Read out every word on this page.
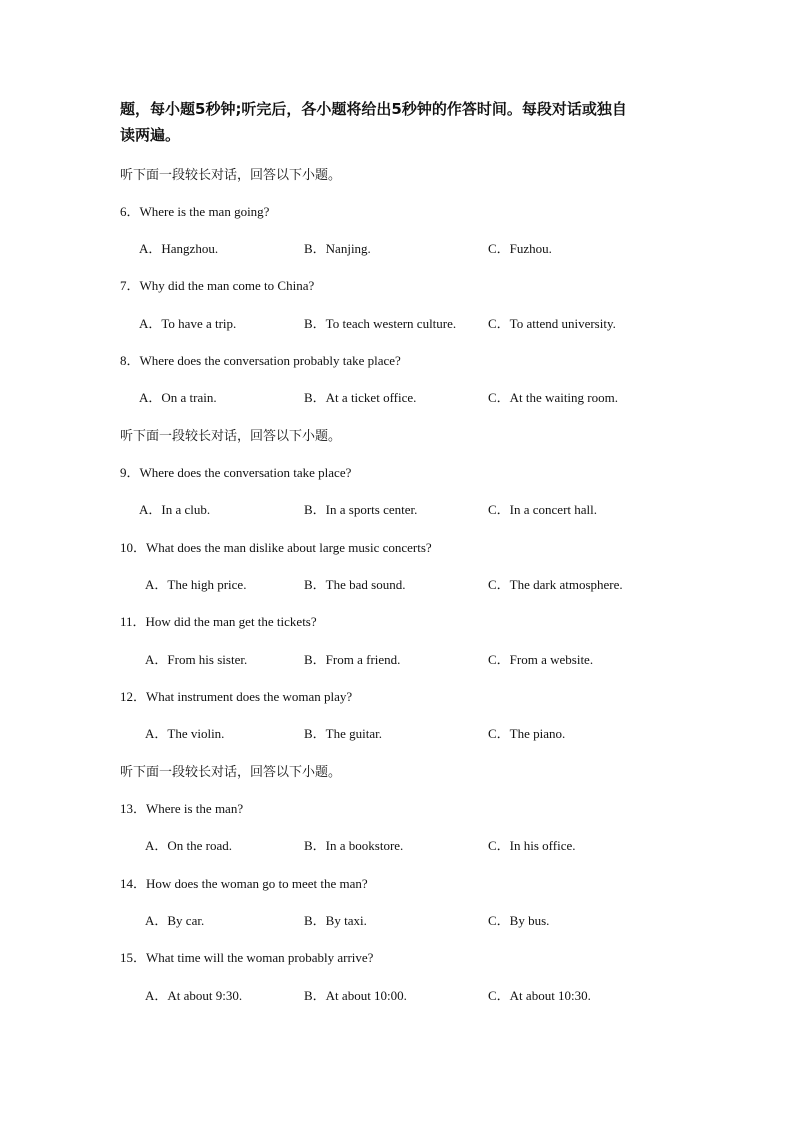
题，每小题5秒钟;听完后，各小题将给出5秒钟的作答时间。每段对话或独自
读两遍。
听下面一段较长对话，回答以下小题。
6．Where is the man going?
A．Hangzhou.	B．Nanjing.	C．Fuzhou.
7．Why did the man come to China?
A．To have a trip.	B．To teach western culture. C．To attend university.
8．Where does the conversation probably take place?
A．On a train.	B．At a ticket office.	C．At the waiting room.
听下面一段较长对话，回答以下小题。
9．Where does the conversation take place?
A．In a club.	B．In a sports center.	C．In a concert hall.
10．What does the man dislike about large music concerts?
A．The high price.	B．The bad sound.	C．The dark atmosphere.
11．How did the man get the tickets?
A．From his sister.	B．From a friend.	C．From a website.
12．What instrument does the woman play?
A．The violin.	B．The guitar.	C．The piano.
听下面一段较长对话，回答以下小题。
13．Where is the man?
A．On the road.	B．In a bookstore.	C．In his office.
14．How does the woman go to meet the man?
A．By car.	B．By taxi.	C．By bus.
15．What time will the woman probably arrive?
A．At about 9:30.	B．At about 10:00.	C．At about 10:30.
